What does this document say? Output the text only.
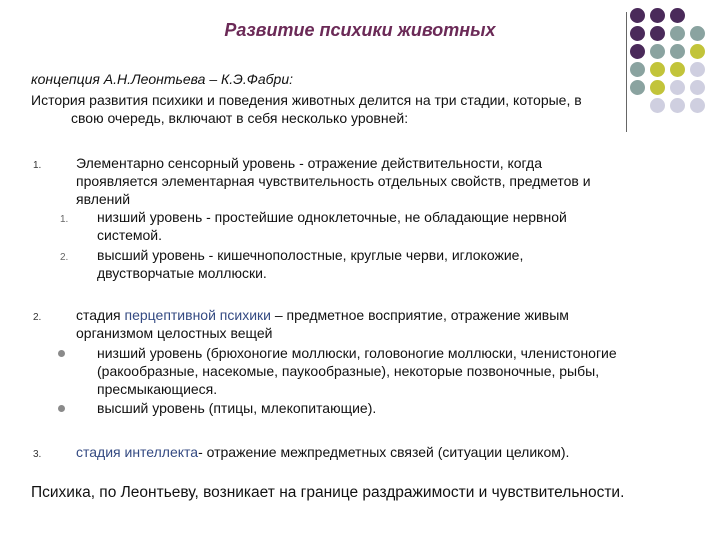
Развитие психики животных
концепция А.Н.Леонтьева – К.Э.Фабри:
История развития психики и поведения животных делится на три стадии, которые, в
свою очередь, включают в себя несколько уровней:
1. Элементарно сенсорный уровень - отражение действительности, когда
проявляется элементарная чувствительность отдельных свойств, предметов и
явлений
1. низший уровень - простейшие одноклеточные, не обладающие нервной
системой.
2. высший уровень - кишечнополостные, круглые черви, иглокожие,
двустворчатые моллюски.
2. стадия перцептивной психики – предметное восприятие, отражение живым
организмом целостных вещей
низший уровень (брюхоногие моллюски, головоногие моллюски, членистоногие
(ракообразные, насекомые, паукообразные), некоторые позвоночные, рыбы,
пресмыкающиеся.
высший уровень (птицы, млекопитающие).
3. стадия интеллекта- отражение межпредметных связей (ситуации целиком).
Психика, по Леонтьеву, возникает на границе раздражимости и чувствительности.
